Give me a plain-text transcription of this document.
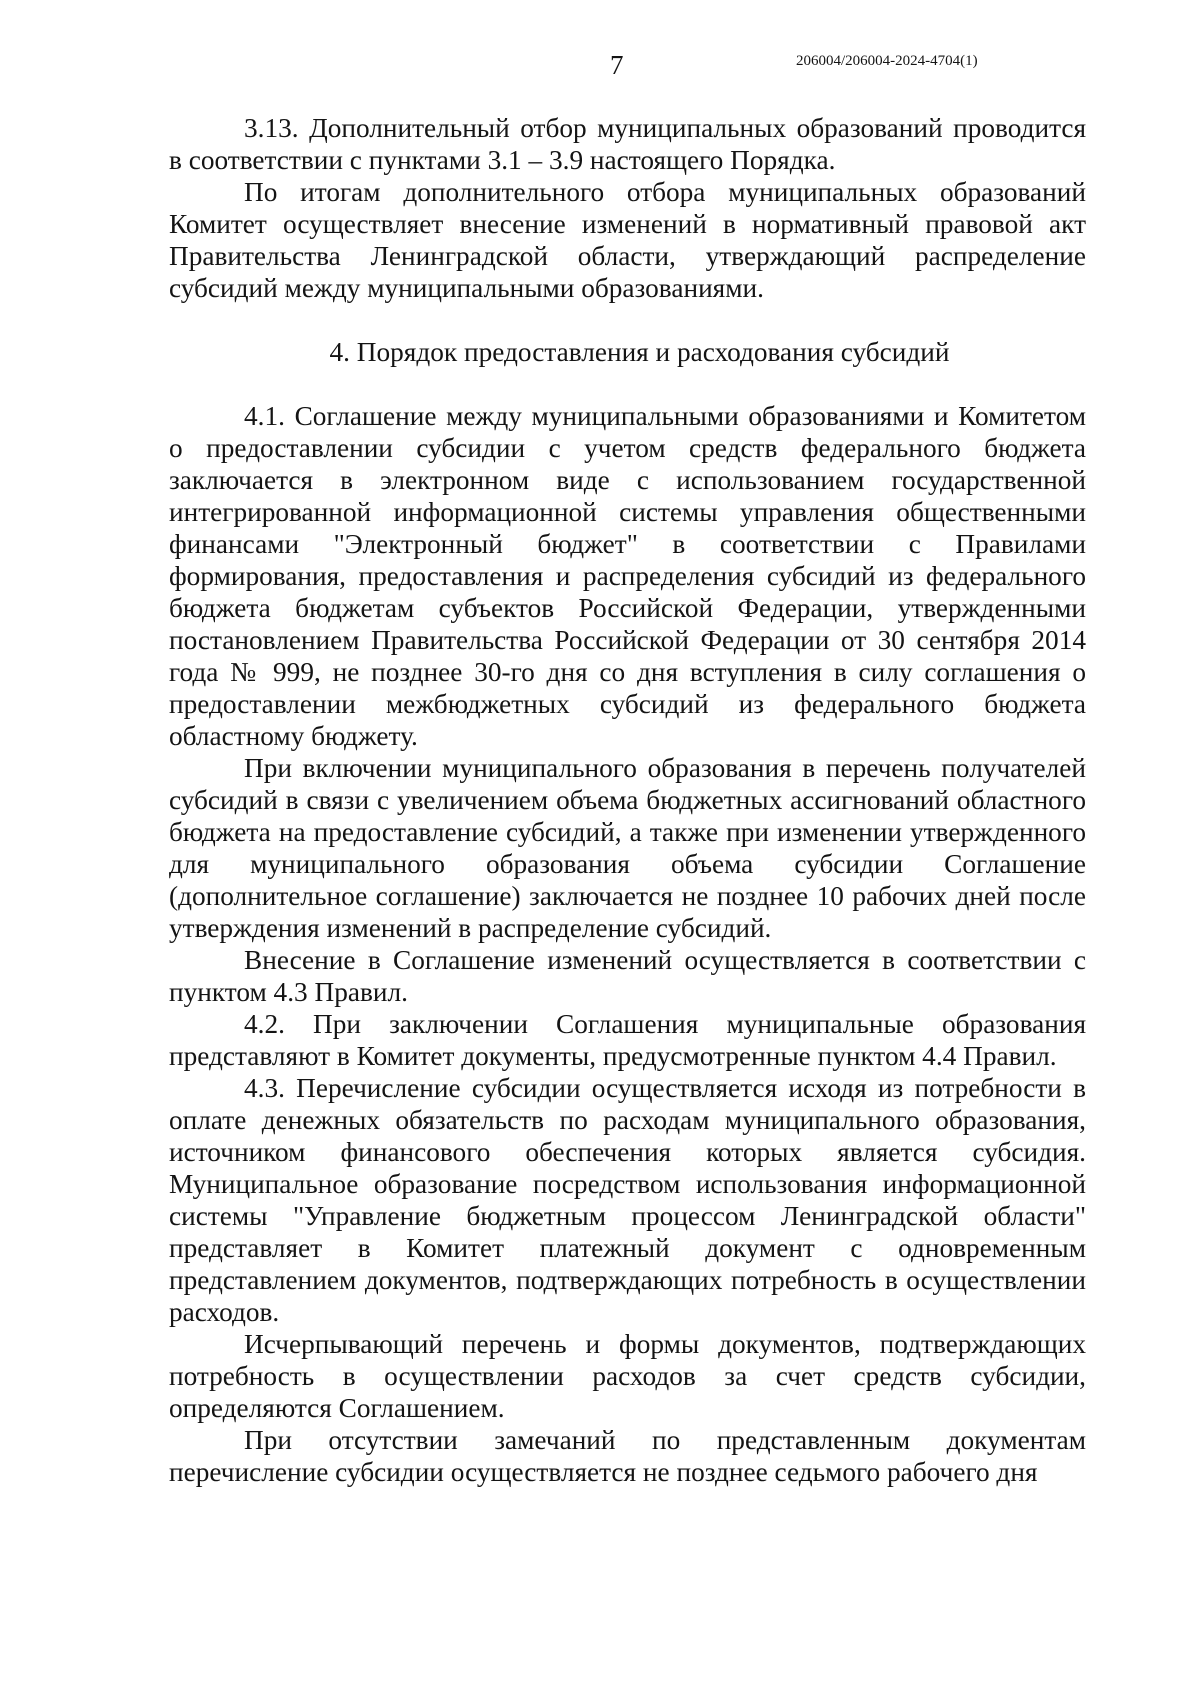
7	206004/206004-2024-4704(1)

3.13. Дополнительный отбор муниципальных образований проводится в соответствии с пунктами 3.1 – 3.9 настоящего Порядка.

По итогам дополнительного отбора муниципальных образований Комитет осуществляет внесение изменений в нормативный правовой акт Правительства Ленинградской области, утверждающий распределение субсидий между муниципальными образованиями.

4. Порядок предоставления и расходования субсидий

4.1. Соглашение между муниципальными образованиями и Комитетом о предоставлении субсидии с учетом средств федерального бюджета заключается в электронном виде с использованием государственной интегрированной информационной системы управления общественными финансами "Электронный бюджет" в соответствии с Правилами формирования, предоставления и распределения субсидий из федерального бюджета бюджетам субъектов Российской Федерации, утвержденными постановлением Правительства Российской Федерации от 30 сентября 2014 года № 999, не позднее 30-го дня со дня вступления в силу соглашения о предоставлении межбюджетных субсидий из федерального бюджета областному бюджету.

При включении муниципального образования в перечень получателей субсидий в связи с увеличением объема бюджетных ассигнований областного бюджета на предоставление субсидий, а также при изменении утвержденного для муниципального образования объема субсидии Соглашение (дополнительное соглашение) заключается не позднее 10 рабочих дней после утверждения изменений в распределение субсидий.

Внесение в Соглашение изменений осуществляется в соответствии с пунктом 4.3 Правил.

4.2. При заключении Соглашения муниципальные образования представляют в Комитет документы, предусмотренные пунктом 4.4 Правил.

4.3. Перечисление субсидии осуществляется исходя из потребности в оплате денежных обязательств по расходам муниципального образования, источником финансового обеспечения которых является субсидия. Муниципальное образование посредством использования информационной системы "Управление бюджетным процессом Ленинградской области" представляет в Комитет платежный документ с одновременным представлением документов, подтверждающих потребность в осуществлении расходов.

Исчерпывающий перечень и формы документов, подтверждающих потребность в осуществлении расходов за счет средств субсидии, определяются Соглашением.

При отсутствии замечаний по представленным документам перечисление субсидии осуществляется не позднее седьмого рабочего дня
